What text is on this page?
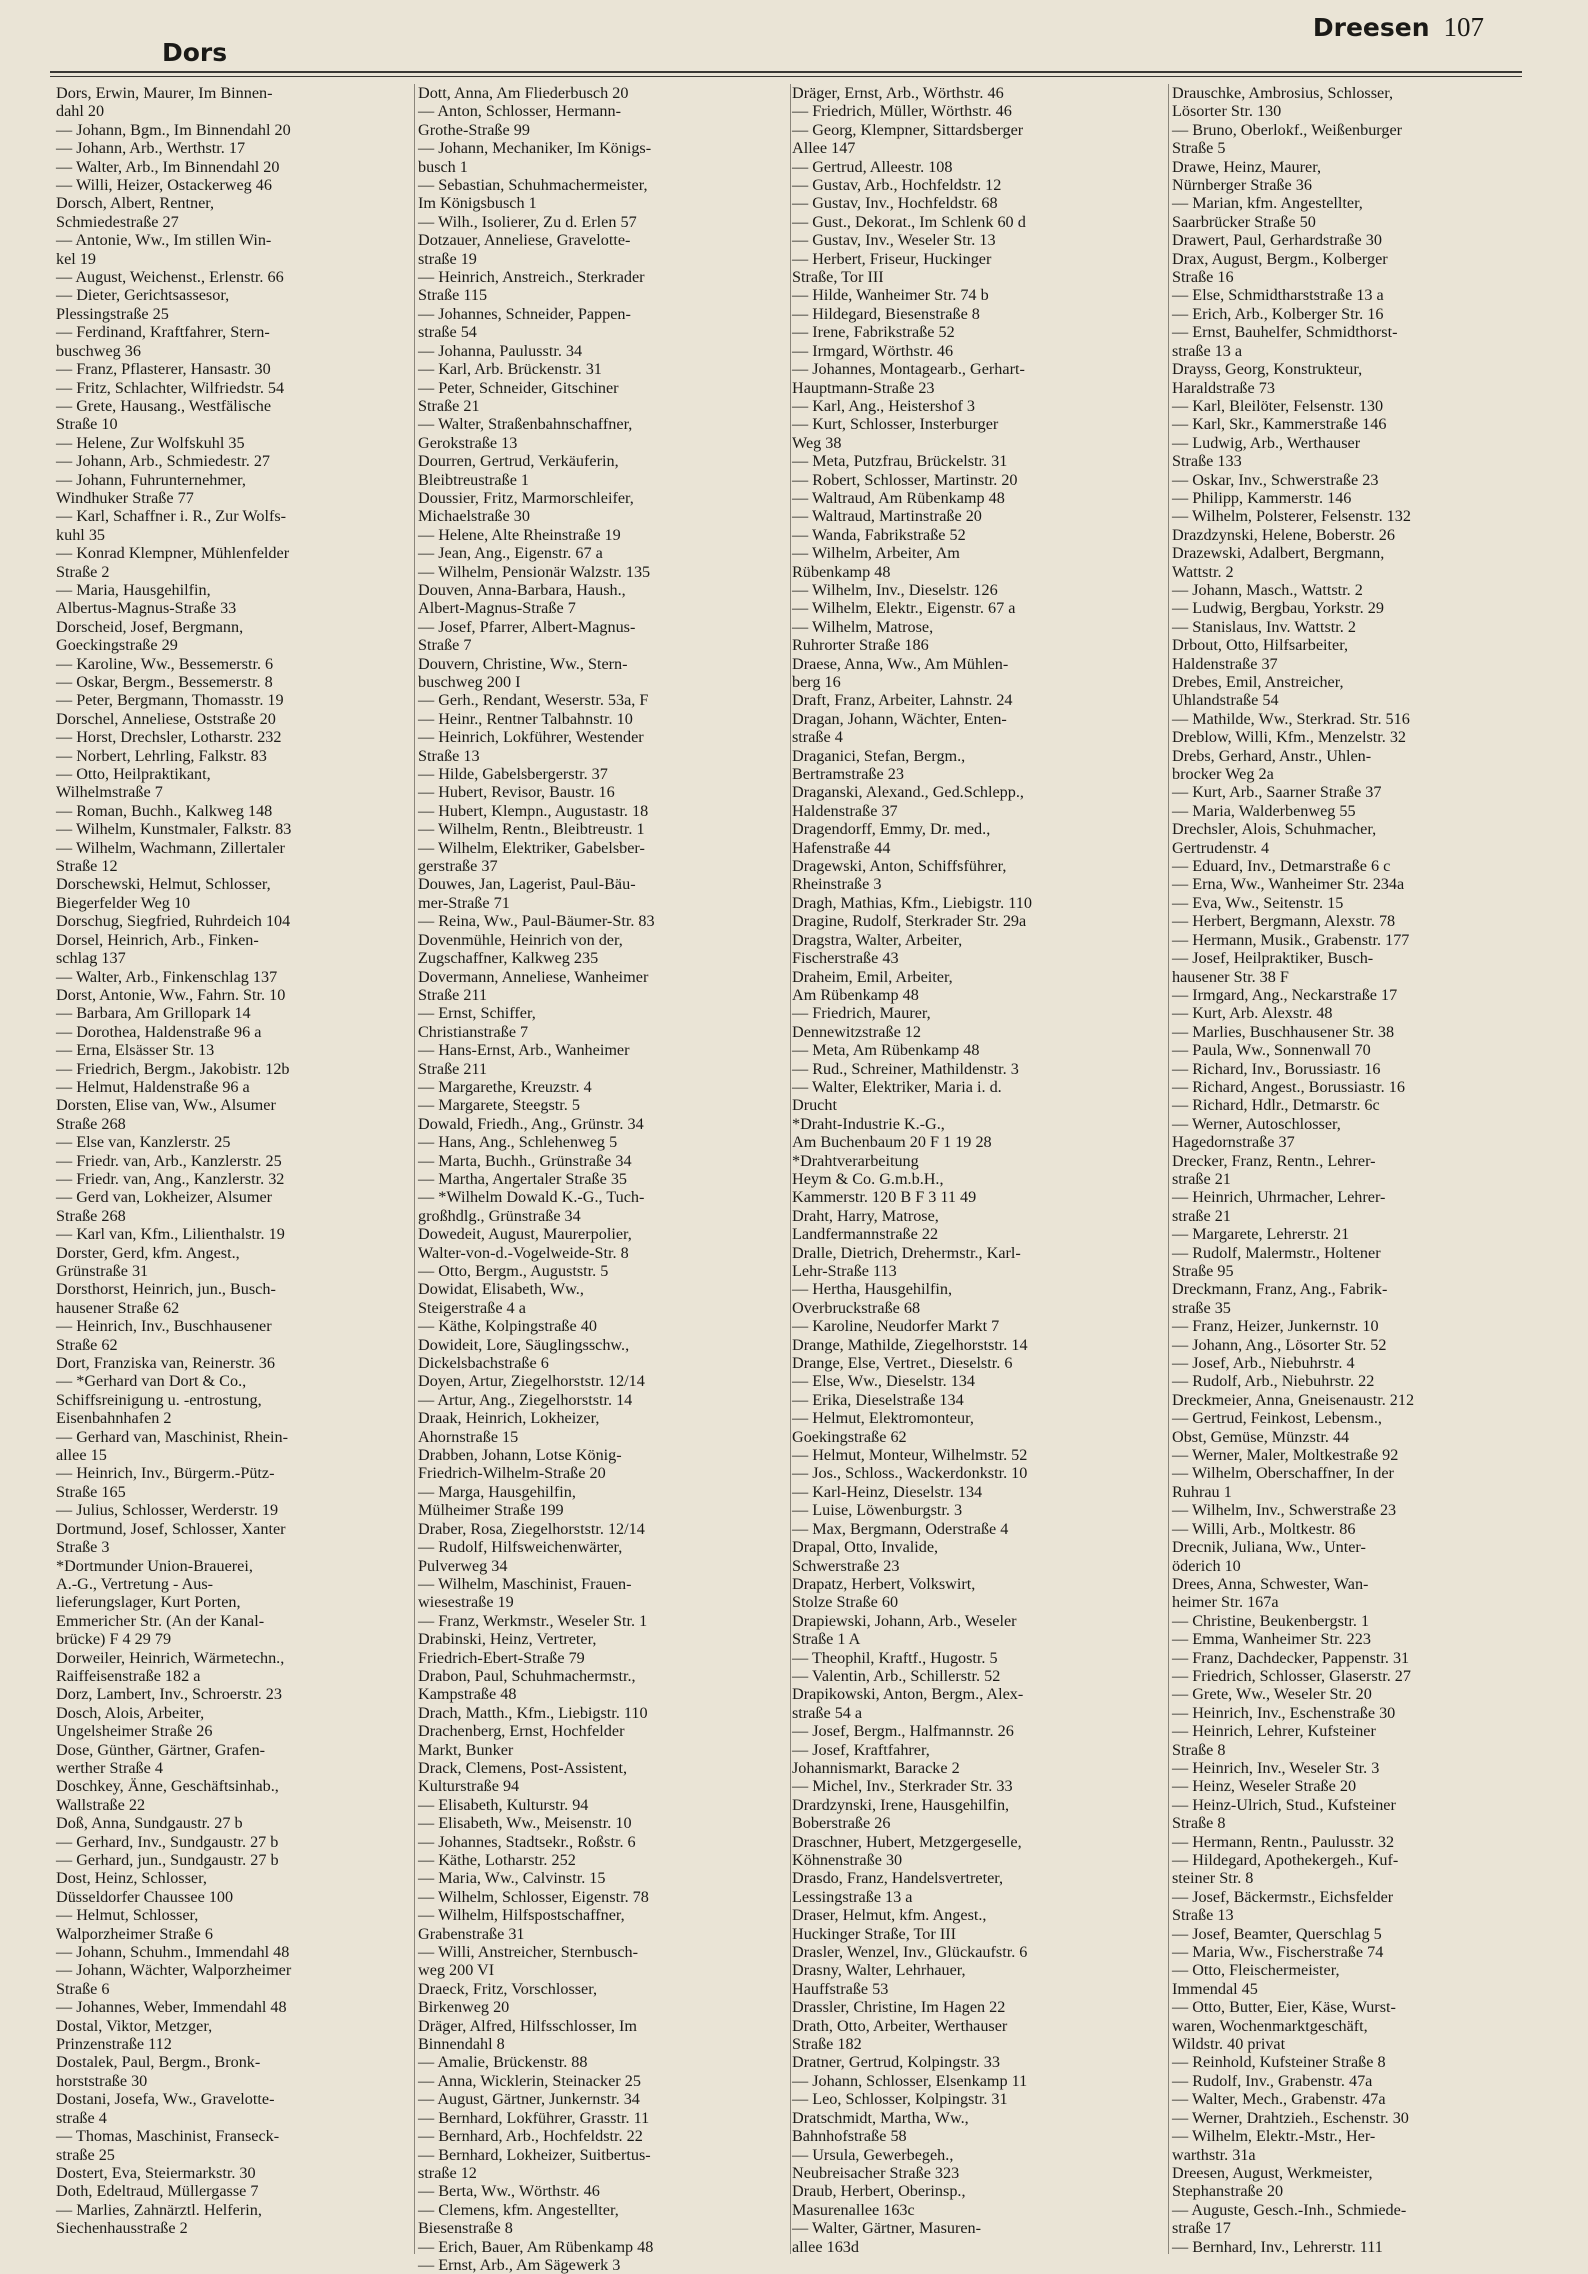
Dors
Dreesen 107
Dors, Erwin, Maurer, Im Binnen-
dahl 20
— Johann, Bgm., Im Binnendahl 20
— Johann, Arb., Werthstr. 17
— Walter, Arb., Im Binnendahl 20
— Willi, Heizer, Ostackerweg 46
Dorsch, Albert, Rentner,
Schmiedestraße 27
— Antonie, Ww., Im stillen Win-
kel 19
— August, Weichenst., Erlenstr. 66
— Dieter, Gerichtsassesor,
Plessingstraße 25
— Ferdinand, Kraftfahrer, Stern-
buschweg 36
— Franz, Pflasterer, Hansastr. 30
— Fritz, Schlachter, Wilfriedstr. 54
— Grete, Hausang., Westfälische
Straße 10
— Helene, Zur Wolfskuhl 35
— Johann, Arb., Schmiedestr. 27
— Johann, Fuhrunternehmer,
Windhuker Straße 77
— Karl, Schaffner i. R., Zur Wolfs-
kuhl 35
— Konrad Klempner, Mühlenfelder
Straße 2
— Maria, Hausgehilfin,
Albertus-Magnus-Straße 33
Dorscheid, Josef, Bergmann,
Goeckingstraße 29
— Karoline, Ww., Bessemerstr. 6
— Oskar, Bergm., Bessemerstr. 8
— Peter, Bergmann, Thomasstr. 19
Dorschel, Anneliese, Oststraße 20
— Horst, Drechsler, Lotharstr. 232
— Norbert, Lehrling, Falkstr. 83
— Otto, Heilpraktikant,
Wilhelmstraße 7
— Roman, Buchh., Kalkweg 148
— Wilhelm, Kunstmaler, Falkstr. 83
— Wilhelm, Wachmann, Zillertaler
Straße 12
Dorschewski, Helmut, Schlosser,
Biegerfelder Weg 10
Dorschug, Siegfried, Ruhrdeich 104
Dorsel, Heinrich, Arb., Finken-
schlag 137
— Walter, Arb., Finkenschlag 137
Dorst, Antonie, Ww., Fahrn. Str. 10
— Barbara, Am Grillopark 14
— Dorothea, Haldenstraße 96 a
— Erna, Elsässer Str. 13
— Friedrich, Bergm., Jakobistr. 12b
— Helmut, Haldenstraße 96 a
Dorsten, Elise van, Ww., Alsumer
Straße 268
— Else van, Kanzlerstr. 25
— Friedr. van, Arb., Kanzlerstr. 25
— Friedr. van, Ang., Kanzlerstr. 32
— Gerd van, Lokheizer, Alsumer
Straße 268
— Karl van, Kfm., Lilienthalstr. 19
Dorster, Gerd, kfm. Angest.,
Grünstraße 31
Dorsthorst, Heinrich, jun., Busch-
hausener Straße 62
— Heinrich, Inv., Buschhausener
Straße 62
Dort, Franziska van, Reinerstr. 36
— *Gerhard van Dort & Co.,
Schiffsreinigung u. -entrostung,
Eisenbahnhafen 2
— Gerhard van, Maschinist, Rhein-
allee 15
— Heinrich, Inv., Bürgerm.-Pütz-
Straße 165
— Julius, Schlosser, Werderstr. 19
Dortmund, Josef, Schlosser, Xanter
Straße 3
*Dortmunder Union-Brauerei,
A.-G., Vertretung - Aus-
lieferungslager, Kurt Porten,
Emmericher Str. (An der Kanal-
brücke) F 4 29 79
Dorweiler, Heinrich, Wärmetechn.,
Raiffeisenstraße 182 a
Dorz, Lambert, Inv., Schroerstr. 23
Dosch, Alois, Arbeiter,
Ungelsheimer Straße 26
Dose, Günther, Gärtner, Grafen-
werther Straße 4
Doschkey, Änne, Geschäftsinhab.,
Wallstraße 22
Doß, Anna, Sundgaustr. 27 b
— Gerhard, Inv., Sundgaustr. 27 b
— Gerhard, jun., Sundgaustr. 27 b
Dost, Heinz, Schlosser,
Düsseldorfer Chaussee 100
— Helmut, Schlosser,
Walporzheimer Straße 6
— Johann, Schuhm., Immendahl 48
— Johann, Wächter, Walporzheimer
Straße 6
— Johannes, Weber, Immendahl 48
Dostal, Viktor, Metzger,
Prinzenstraße 112
Dostalek, Paul, Bergm., Bronk-
horststraße 30
Dostani, Josefa, Ww., Gravelotte-
straße 4
— Thomas, Maschinist, Franseck-
straße 25
Dostert, Eva, Steiermarkstr. 30
Doth, Edeltraud, Müllergasse 7
— Marlies, Zahnärztl. Helferin,
Siechenhausstraße 2
Dott, Anna, Am Fliederbusch 20
— Anton, Schlosser, Hermann-
Grothe-Straße 99
— Johann, Mechaniker, Im Königs-
busch 1
— Sebastian, Schuhmachermeister,
Im Königsbusch 1
— Wilh., Isolierer, Zu d. Erlen 57
Dotzauer, Anneliese, Gravelotte-
straße 19
— Heinrich, Anstreich., Sterkrader
Straße 115
— Johannes, Schneider, Pappen-
straße 54
— Johanna, Paulusstr. 34
— Karl, Arb. Brückenstr. 31
— Peter, Schneider, Gitschiner
Straße 21
— Walter, Straßenbahnschaffner,
Gerokstraße 13
Dourren, Gertrud, Verkäuferin,
Bleibtreustraße 1
Doussier, Fritz, Marmorschleifer,
Michaelstraße 30
— Helene, Alte Rheinstraße 19
— Jean, Ang., Eigenstr. 67 a
— Wilhelm, Pensionär Walzstr. 135
Douven, Anna-Barbara, Haush.,
Albert-Magnus-Straße 7
— Josef, Pfarrer, Albert-Magnus-
Straße 7
Douvern, Christine, Ww., Stern-
buschweg 200 I
— Gerh., Rendant, Weserstr. 53a, F
— Heinr., Rentner Talbahnstr. 10
— Heinrich, Lokführer, Westender
Straße 13
— Hilde, Gabelsbergerstr. 37
— Hubert, Revisor, Baustr. 16
— Hubert, Klempn., Augustastr. 18
— Wilhelm, Rentn., Bleibtreustr. 1
— Wilhelm, Elektriker, Gabelsber-
gerstraße 37
Douwes, Jan, Lagerist, Paul-Bäu-
mer-Straße 71
— Reina, Ww., Paul-Bäumer-Str. 83
Dovenmühle, Heinrich von der,
Zugschaffner, Kalkweg 235
Dovermann, Anneliese, Wanheimer
Straße 211
— Ernst, Schiffer,
Christianstraße 7
— Hans-Ernst, Arb., Wanheimer
Straße 211
— Margarethe, Kreuzstr. 4
— Margarete, Steegstr. 5
Dowald, Friedh., Ang., Grünstr. 34
— Hans, Ang., Schlehenweg 5
— Marta, Buchh., Grünstraße 34
— Martha, Angertaler Straße 35
— *Wilhelm Dowald K.-G., Tuch-
großhdlg., Grünstraße 34
Dowedeit, August, Maurerpolier,
Walter-von-d.-Vogelweide-Str. 8
— Otto, Bergm., Auguststr. 5
Dowidat, Elisabeth, Ww.,
Steigerstraße 4 a
— Käthe, Kolpingstraße 40
Dowideit, Lore, Säuglingsschw.,
Dickelsbachstraße 6
Doyen, Artur, Ziegelhorststr. 12/14
— Artur, Ang., Ziegelhorststr. 14
Draak, Heinrich, Lokheizer,
Ahornstraße 15
Drabben, Johann, Lotse König-
Friedrich-Wilhelm-Straße 20
— Marga, Hausgehilfin,
Mülheimer Straße 199
Draber, Rosa, Ziegelhorststr. 12/14
— Rudolf, Hilfsweichenwärter,
Pulverweg 34
— Wilhelm, Maschinist, Frauen-
wiesestraße 19
— Franz, Werkmstr., Weseler Str. 1
Drabinski, Heinz, Vertreter,
Friedrich-Ebert-Straße 79
Drabon, Paul, Schuhmachermstr.,
Kampstraße 48
Drach, Matth., Kfm., Liebigstr. 110
Drachenberg, Ernst, Hochfelder
Markt, Bunker
Drack, Clemens, Post-Assistent,
Kulturstraße 94
— Elisabeth, Kulturstr. 94
— Elisabeth, Ww., Meisenstr. 10
— Johannes, Stadtsekr., Roßstr. 6
— Käthe, Lotharstr. 252
— Maria, Ww., Calvinstr. 15
— Wilhelm, Schlosser, Eigenstr. 78
— Wilhelm, Hilfspostschaffner,
Grabenstraße 31
— Willi, Anstreicher, Sternbusch-
weg 200 VI
Draeck, Fritz, Vorschlosser,
Birkenweg 20
Dräger, Alfred, Hilfsschlosser, Im
Binnendahl 8
— Amalie, Brückenstr. 88
— Anna, Wicklerin, Steinacker 25
— August, Gärtner, Junkernstr. 34
— Bernhard, Lokführer, Grasstr. 11
— Bernhard, Arb., Hochfeldstr. 22
— Bernhard, Lokheizer, Suitbertus-
straße 12
— Berta, Ww., Wörthstr. 46
— Clemens, kfm. Angestellter,
Biesenstraße 8
— Erich, Bauer, Am Rübenkamp 48
— Ernst, Arb., Am Sägewerk 3
Dräger, Ernst, Arb., Wörthstr. 46
— Friedrich, Müller, Wörthstr. 46
— Georg, Klempner, Sittardsberger
Allee 147
— Gertrud, Alleestr. 108
— Gustav, Arb., Hochfeldstr. 12
— Gustav, Inv., Hochfeldstr. 68
— Gust., Dekorat., Im Schlenk 60 d
— Gustav, Inv., Weseler Str. 13
— Herbert, Friseur, Huckinger
Straße, Tor III
— Hilde, Wanheimer Str. 74 b
— Hildegard, Biesenstraße 8
— Irene, Fabrikstraße 52
— Irmgard, Wörthstr. 46
— Johannes, Montagearb., Gerhart-
Hauptmann-Straße 23
— Karl, Ang., Heistershof 3
— Kurt, Schlosser, Insterburger
Weg 38
— Meta, Putzfrau, Brückelstr. 31
— Robert, Schlosser, Martinstr. 20
— Waltraud, Am Rübenkamp 48
— Waltraud, Martinstraße 20
— Wanda, Fabrikstraße 52
— Wilhelm, Arbeiter, Am
Rübenkamp 48
— Wilhelm, Inv., Dieselstr. 126
— Wilhelm, Elektr., Eigenstr. 67 a
— Wilhelm, Matrose,
Ruhrorter Straße 186
Draese, Anna, Ww., Am Mühlen-
berg 16
Draft, Franz, Arbeiter, Lahnstr. 24
Dragan, Johann, Wächter, Enten-
straße 4
Draganici, Stefan, Bergm.,
Bertramstraße 23
Draganski, Alexand., Ged.Schlepp.,
Haldenstraße 37
Dragendorff, Emmy, Dr. med.,
Hafenstraße 44
Dragewski, Anton, Schiffsführer,
Rheinstraße 3
Dragh, Mathias, Kfm., Liebigstr. 110
Dragine, Rudolf, Sterkrader Str. 29a
Dragstra, Walter, Arbeiter,
Fischerstraße 43
Draheim, Emil, Arbeiter,
Am Rübenkamp 48
— Friedrich, Maurer,
Dennewitzstraße 12
— Meta, Am Rübenkamp 48
— Rud., Schreiner, Mathildenstr. 3
— Walter, Elektriker, Maria i. d.
Drucht
*Draht-Industrie K.-G.,
Am Buchenbaum 20 F 1 19 28
*Drahtverarbeitung
Heym & Co. G.m.b.H.,
Kammerstr. 120 B F 3 11 49
Draht, Harry, Matrose,
Landfermannstraße 22
Dralle, Dietrich, Drehermstr., Karl-
Lehr-Straße 113
— Hertha, Hausgehilfin,
Overbruckstraße 68
— Karoline, Neudorfer Markt 7
Drange, Mathilde, Ziegelhorststr. 14
Drange, Else, Vertret., Dieselstr. 6
— Else, Ww., Dieselstr. 134
— Erika, Dieselstraße 134
— Helmut, Elektromonteur,
Goekingstraße 62
— Helmut, Monteur, Wilhelmstr. 52
— Jos., Schloss., Wackerdonkstr. 10
— Karl-Heinz, Dieselstr. 134
— Luise, Löwenburgstr. 3
— Max, Bergmann, Oderstraße 4
Drapal, Otto, Invalide,
Schwerstraße 23
Drapatz, Herbert, Volkswirt,
Stolze Straße 60
Drapiewski, Johann, Arb., Weseler
Straße 1 A
— Theophil, Kraftf., Hugostr. 5
— Valentin, Arb., Schillerstr. 52
Drapikowski, Anton, Bergm., Alex-
straße 54 a
— Josef, Bergm., Halfmannstr. 26
— Josef, Kraftfahrer,
Johannismarkt, Baracke 2
— Michel, Inv., Sterkrader Str. 33
Drardzynski, Irene, Hausgehilfin,
Boberstraße 26
Draschner, Hubert, Metzgergeselle,
Köhnenstraße 30
Drasdo, Franz, Handelsvertreter,
Lessingstraße 13 a
Draser, Helmut, kfm. Angest.,
Huckinger Straße, Tor III
Drasler, Wenzel, Inv., Glückaufstr. 6
Drasny, Walter, Lehrhauer,
Hauffstraße 53
Drassler, Christine, Im Hagen 22
Drath, Otto, Arbeiter, Werthauser
Straße 182
Dratner, Gertrud, Kolpingstr. 33
— Johann, Schlosser, Elsenkamp 11
— Leo, Schlosser, Kolpingstr. 31
Dratschmidt, Martha, Ww.,
Bahnhofstraße 58
— Ursula, Gewerbegeh.,
Neubreisacher Straße 323
Draub, Herbert, Oberinsp.,
Masurenallee 163c
— Walter, Gärtner, Masuren-
allee 163d
Drauschke, Ambrosius, Schlosser,
Lösorter Str. 130
— Bruno, Oberlokf., Weißenburger
Straße 5
Drawe, Heinz, Maurer,
Nürnberger Straße 36
— Marian, kfm. Angestellter,
Saarbrücker Straße 50
Drawert, Paul, Gerhardstraße 30
Drax, August, Bergm., Kolberger
Straße 16
— Else, Schmidtharststraße 13 a
— Erich, Arb., Kolberger Str. 16
— Ernst, Bauhelfer, Schmidthorst-
straße 13 a
Drayss, Georg, Konstrukteur,
Haraldstraße 73
— Karl, Bleilöter, Felsenstr. 130
— Karl, Skr., Kammerstraße 146
— Ludwig, Arb., Werthauser
Straße 133
— Oskar, Inv., Schwerstraße 23
— Philipp, Kammerstr. 146
— Wilhelm, Polsterer, Felsenstr. 132
Drazdzynski, Helene, Boberstr. 26
Drazewski, Adalbert, Bergmann,
Wattstr. 2
— Johann, Masch., Wattstr. 2
— Ludwig, Bergbau, Yorkstr. 29
— Stanislaus, Inv. Wattstr. 2
Drbout, Otto, Hilfsarbeiter,
Haldenstraße 37
Drebes, Emil, Anstreicher,
Uhlandstraße 54
— Mathilde, Ww., Sterkrad. Str. 516
Dreblow, Willi, Kfm., Menzelstr. 32
Drebs, Gerhard, Anstr., Uhlen-
brocker Weg 2a
— Kurt, Arb., Saarner Straße 37
— Maria, Walderbenweg 55
Drechsler, Alois, Schuhmacher,
Gertrudenstr. 4
— Eduard, Inv., Detmarstraße 6 c
— Erna, Ww., Wanheimer Str. 234a
— Eva, Ww., Seitenstr. 15
— Herbert, Bergmann, Alexstr. 78
— Hermann, Musik., Grabenstr. 177
— Josef, Heilpraktiker, Busch-
hausener Str. 38 F
— Irmgard, Ang., Neckarstraße 17
— Kurt, Arb. Alexstr. 48
— Marlies, Buschhausener Str. 38
— Paula, Ww., Sonnenwall 70
— Richard, Inv., Borussiastr. 16
— Richard, Angest., Borussiastr. 16
— Richard, Hdlr., Detmarstr. 6c
— Werner, Autoschlosser,
Hagedornstraße 37
Drecker, Franz, Rentn., Lehrer-
straße 21
— Heinrich, Uhrmacher, Lehrer-
straße 21
— Margarete, Lehrerstr. 21
— Rudolf, Malermstr., Holtener
Straße 95
Dreckmann, Franz, Ang., Fabrik-
straße 35
— Franz, Heizer, Junkernstr. 10
— Johann, Ang., Lösorter Str. 52
— Josef, Arb., Niebuhrstr. 4
— Rudolf, Arb., Niebuhrstr. 22
Dreckmeier, Anna, Gneisenaustr. 212
— Gertrud, Feinkost, Lebensm.,
Obst, Gemüse, Münzstr. 44
— Werner, Maler, Moltkestraße 92
— Wilhelm, Oberschaffner, In der
Ruhrau 1
— Wilhelm, Inv., Schwerstraße 23
— Willi, Arb., Moltkestr. 86
Drecnik, Juliana, Ww., Unter-
öderich 10
Drees, Anna, Schwester, Wan-
heimer Str. 167a
— Christine, Beukenbergstr. 1
— Emma, Wanheimer Str. 223
— Franz, Dachdecker, Pappenstr. 31
— Friedrich, Schlosser, Glaserstr. 27
— Grete, Ww., Weseler Str. 20
— Heinrich, Inv., Eschenstraße 30
— Heinrich, Lehrer, Kufsteiner
Straße 8
— Heinrich, Inv., Weseler Str. 3
— Heinz, Weseler Straße 20
— Heinz-Ulrich, Stud., Kufsteiner
Straße 8
— Hermann, Rentn., Paulusstr. 32
— Hildegard, Apothekergeh., Kuf-
steiner Str. 8
— Josef, Bäckermstr., Eichsfelder
Straße 13
— Josef, Beamter, Querschlag 5
— Maria, Ww., Fischerstraße 74
— Otto, Fleischermeister,
Immendal 45
— Otto, Butter, Eier, Käse, Wurst-
waren, Wochenmarktgeschäft,
Wildstr. 40 privat
— Reinhold, Kufsteiner Straße 8
— Rudolf, Inv., Grabenstr. 47a
— Walter, Mech., Grabenstr. 47a
— Werner, Drahtzieh., Eschenstr. 30
— Wilhelm, Elektr.-Mstr., Her-
warthstr. 31a
Dreesen, August, Werkmeister,
Stephanstraße 20
— Auguste, Gesch.-Inh., Schmiede-
straße 17
— Bernhard, Inv., Lehrerstr. 111
